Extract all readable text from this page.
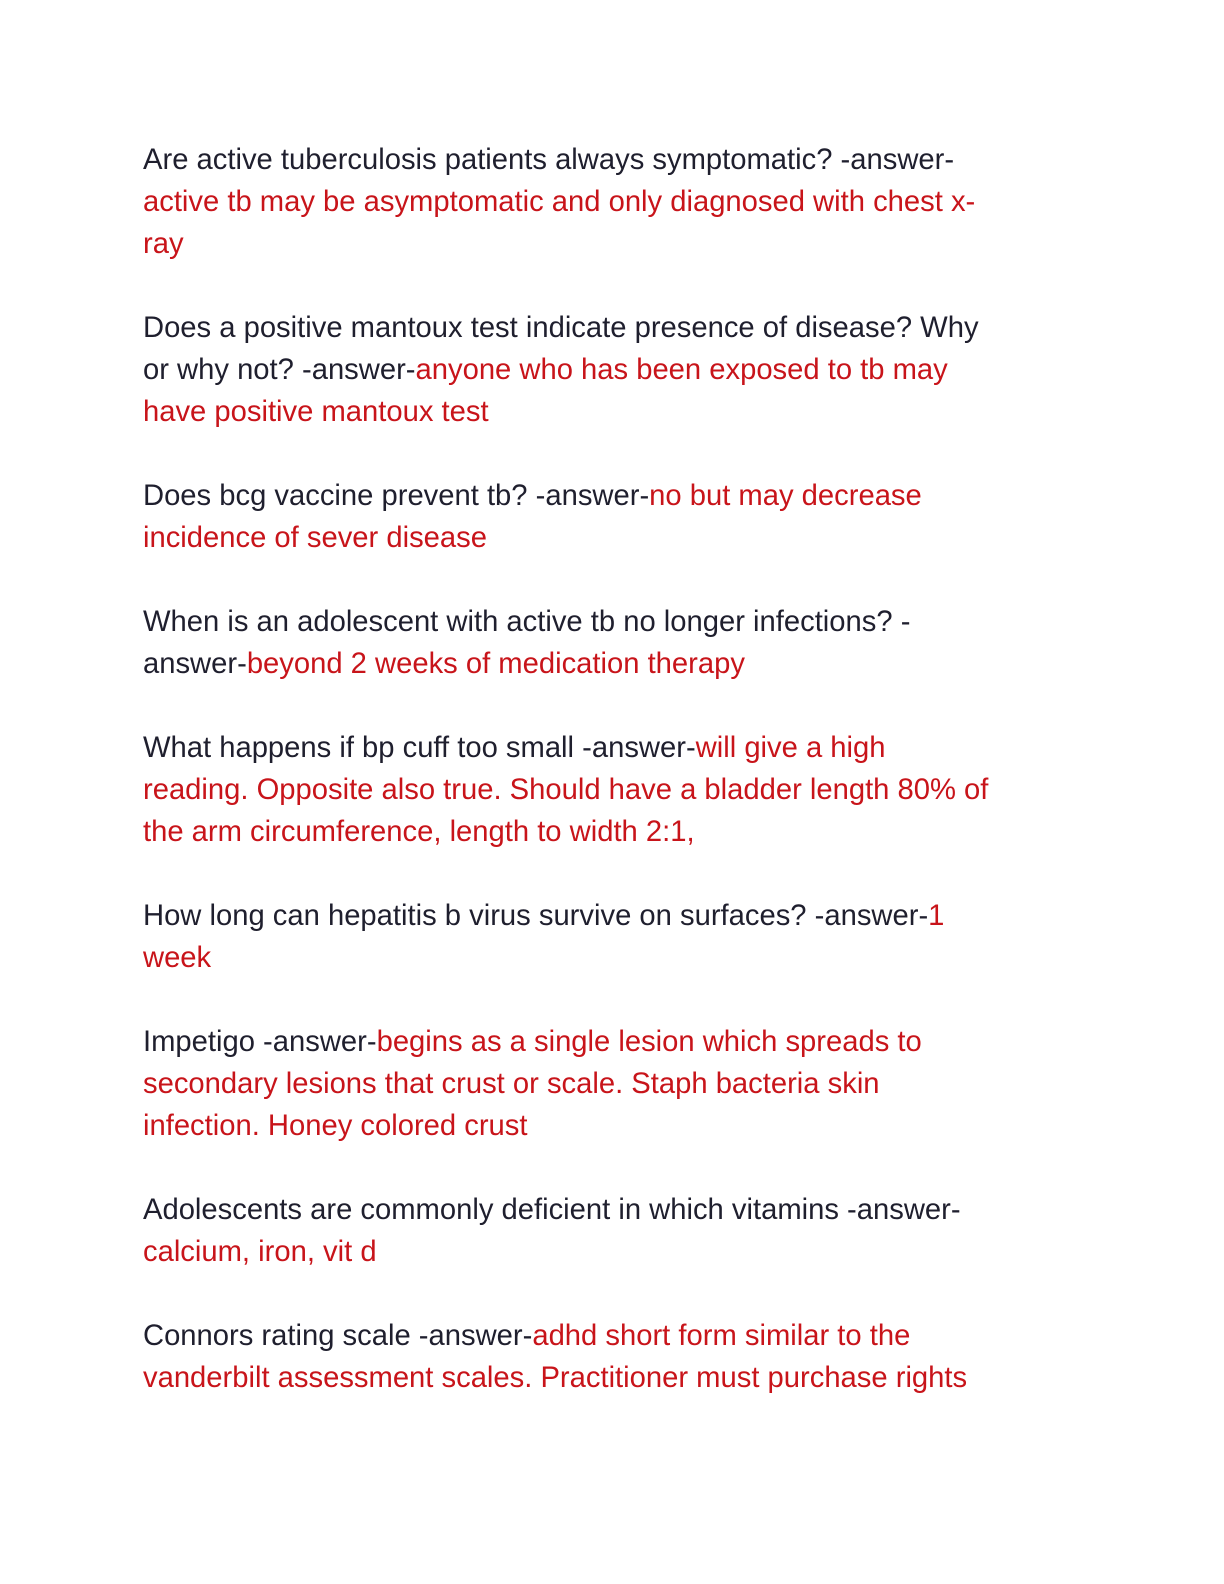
Are active tuberculosis patients always symptomatic? -answer-
active tb may be asymptomatic and only diagnosed with chest x-
ray

Does a positive mantoux test indicate presence of disease? Why
or why not? -answer-anyone who has been exposed to tb may
have positive mantoux test

Does bcg vaccine prevent tb? -answer-no but may decrease
incidence of sever disease

When is an adolescent with active tb no longer infections? -
answer-beyond 2 weeks of medication therapy

What happens if bp cuff too small -answer-will give a high
reading. Opposite also true. Should have a bladder length 80% of
the arm circumference, length to width 2:1,

How long can hepatitis b virus survive on surfaces? -answer-1
week

Impetigo -answer-begins as a single lesion which spreads to
secondary lesions that crust or scale. Staph bacteria skin
infection. Honey colored crust

Adolescents are commonly deficient in which vitamins -answer-
calcium, iron, vit d

Connors rating scale -answer-adhd short form similar to the
vanderbilt assessment scales. Practitioner must purchase rights
